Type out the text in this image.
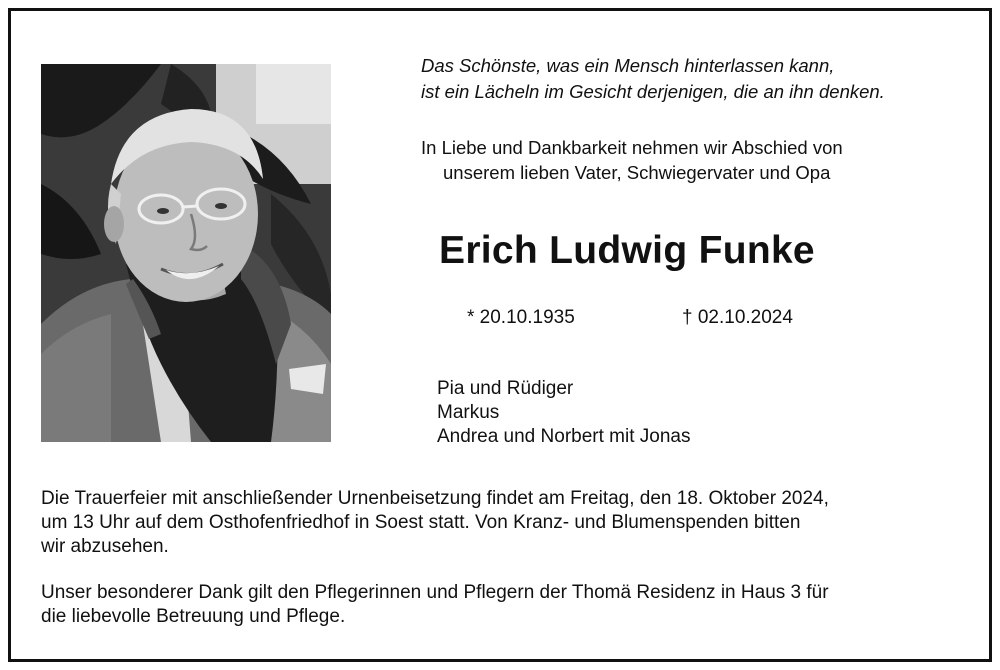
Das Schönste, was ein Mensch hinterlassen kann,
ist ein Lächeln im Gesicht derjenigen, die an ihn denken.
In Liebe und Dankbarkeit nehmen wir Abschied von
unserem lieben Vater, Schwiegervater und Opa
Erich Ludwig Funke
* 20.10.1935	† 02.10.2024
Pia und Rüdiger
Markus
Andrea und Norbert mit Jonas
Die Trauerfeier mit anschließender Urnenbeisetzung findet am Freitag, den 18. Oktober 2024,
um 13 Uhr auf dem Osthofenfriedhof in Soest statt. Von Kranz- und Blumenspenden bitten
wir abzusehen.
Unser besonderer Dank gilt den Pflegerinnen und Pflegern der Thomä Residenz in Haus 3 für
die liebevolle Betreuung und Pflege.
